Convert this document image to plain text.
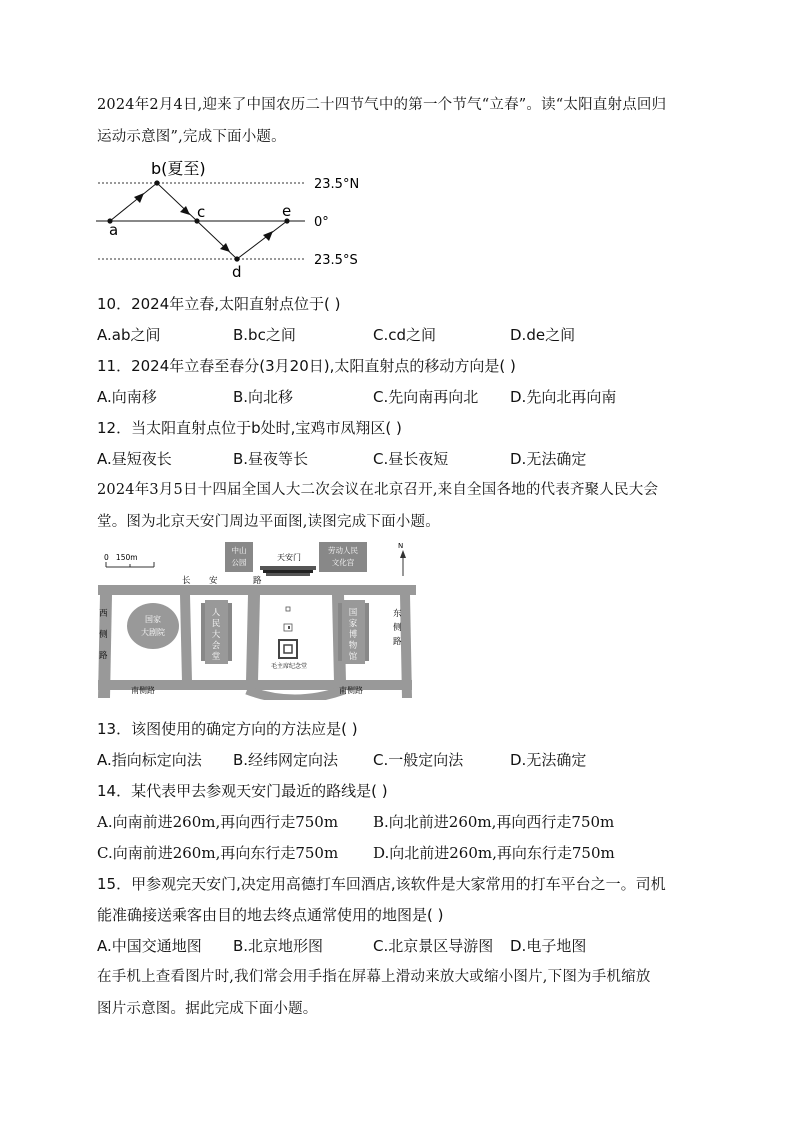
2024年2月4日,迎来了中国农历二十四节气中的第一个节气“立春”。读“太阳直射点回归

运动示意图”,完成下面小题。

b(夏至)
a
c
d
e
23.5°N
0°
23.5°S

10．2024年立春,太阳直射点位于( )

A.ab之间	B.bc之间	C.cd之间	D.de之间

11．2024年立春至春分(3月20日),太阳直射点的移动方向是( )

A.向南移	B.向北移	C.先向南再向北 D.先向北再向南

12．当太阳直射点位于b处时,宝鸡市凤翔区( )

A.昼短夜长	B.昼夜等长	C.昼长夜短	D.无法确定

2024年3月5日十四届全国人大二次会议在北京召开,来自全国各地的代表齐聚人民大会

堂。图为北京天安门周边平面图,读图完成下面小题。

0   150m
中山
公园
劳动人民
文化宫
天安门
N
长 安	路
西
侧
路
东
侧
路
国家
大剧院
人
民
大
会
堂
国
家
博
物
馆
毛主席纪念堂
南侧路	南侧路

13．该图使用的确定方向的方法应是( )

A.指向标定向法 B.经纬网定向法 C.一般定向法	D.无法确定

14．某代表甲去参观天安门最近的路线是( )

A.向南前进260m,再向西行走750m B.向北前进260m,再向西行走750m
C.向南前进260m,再向东行走750m D.向北前进260m,再向东行走750m

15．甲参观完天安门,决定用高德打车回酒店,该软件是大家常用的打车平台之一。司机

能准确接送乘客由目的地去终点通常使用的地图是( )

A.中国交通地图 B.北京地形图	C.北京景区导游图 D.电子地图

在手机上查看图片时,我们常会用手指在屏幕上滑动来放大或缩小图片,下图为手机缩放

图片示意图。据此完成下面小题。
